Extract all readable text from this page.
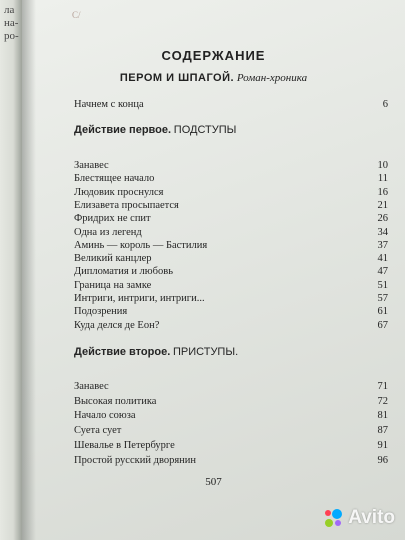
ла
на-
ро-
С/
СОДЕРЖАНИЕ
ПЕРОМ И ШПАГОЙ. Роман-хроника
Начнем с конца	6
Действие первое. ПОДСТУПЫ
Занавес	10
Блестящее начало	11
Людовик проснулся	16
Елизавета просыпается	21
Фридрих не спит	26
Одна из легенд	34
Аминь — король — Бастилия	37
Великий канцлер	41
Дипломатия и любовь	47
Граница на замке	51
Интриги, интриги, интриги...	57
Подозрения	61
Куда делся де Еон?	67
Действие второе. ПРИСТУПЫ.
Занавес	71
Высокая политика	72
Начало союза	81
Суета сует	87
Шевалье в Петербурге	91
Простой русский дворянин	96
507
Avito
